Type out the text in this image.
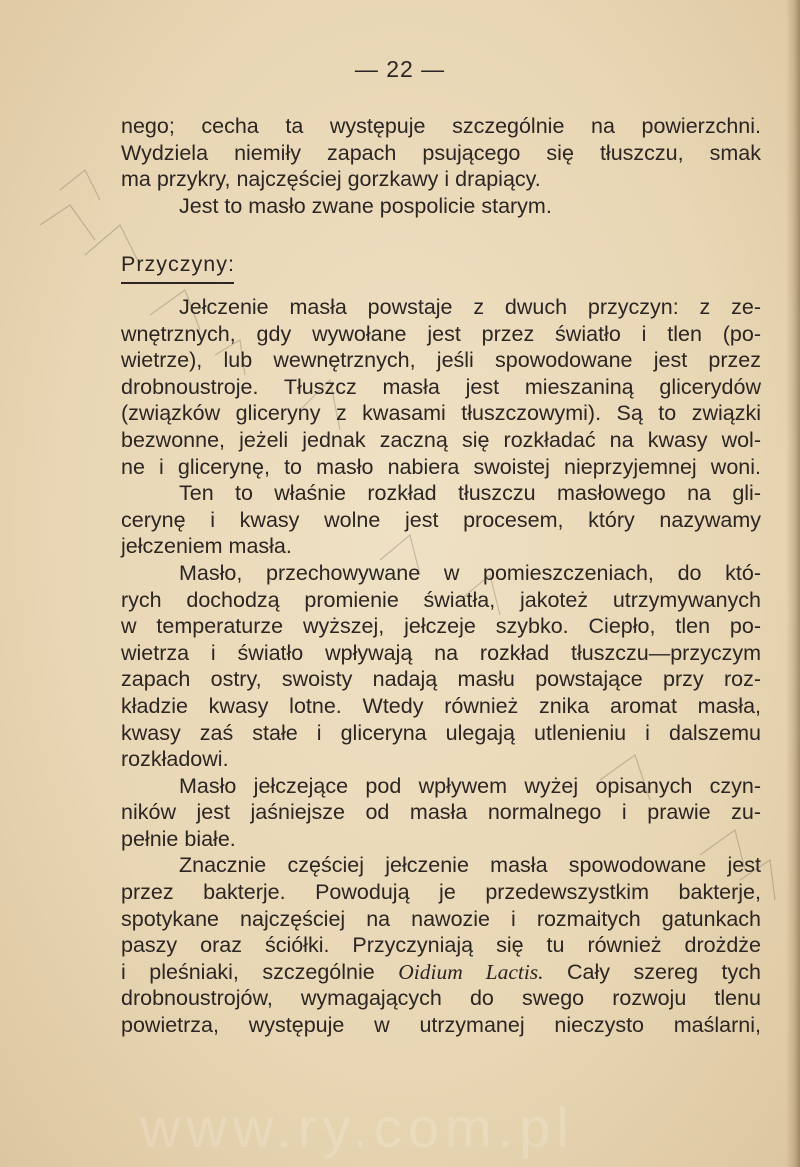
— 22 —
nego; cecha ta występuje szczególnie na powierzchni.
Wydziela niemiły zapach psującego się tłuszczu, smak
ma przykry, najczęściej gorzkawy i drapiący.
Jest to masło zwane pospolicie starym.
Przyczyny:
Jełczenie masła powstaje z dwuch przyczyn: z ze-
wnętrznych, gdy wywołane jest przez światło i tlen (po-
wietrze), lub wewnętrznych, jeśli spowodowane jest przez
drobnoustroje. Tłuszcz masła jest mieszaniną glicerydów
(związków gliceryny z kwasami tłuszczowymi). Są to związki
bezwonne, jeżeli jednak zaczną się rozkładać na kwasy wol-
ne i glicerynę, to masło nabiera swoistej nieprzyjemnej woni.
Ten to właśnie rozkład tłuszczu masłowego na gli-
cerynę i kwasy wolne jest procesem, który nazywamy
jełczeniem masła.
Masło, przechowywane w pomieszczeniach, do któ-
rych dochodzą promienie światła, jakoteż utrzymywanych
w temperaturze wyższej, jełczeje szybko. Ciepło, tlen po-
wietrza i światło wpływają na rozkład tłuszczu—przyczym
zapach ostry, swoisty nadają masłu powstające przy roz-
kładzie kwasy lotne. Wtedy również znika aromat masła,
kwasy zaś stałe i gliceryna ulegają utlenieniu i dalszemu
rozkładowi.
Masło jełczejące pod wpływem wyżej opisanych czyn-
ników jest jaśniejsze od masła normalnego i prawie zu-
pełnie białe.
Znacznie częściej jełczenie masła spowodowane jest
przez bakterje. Powodują je przedewszystkim bakterje,
spotykane najczęściej na nawozie i rozmaitych gatunkach
paszy oraz ściółki. Przyczyniają się tu również drożdże
i pleśniaki, szczególnie Oidium Lactis. Cały szereg tych
drobnoustrojów, wymagających do swego rozwoju tlenu
powietrza, występuje w utrzymanej nieczysto maślarni,
www.ry.com.pl
